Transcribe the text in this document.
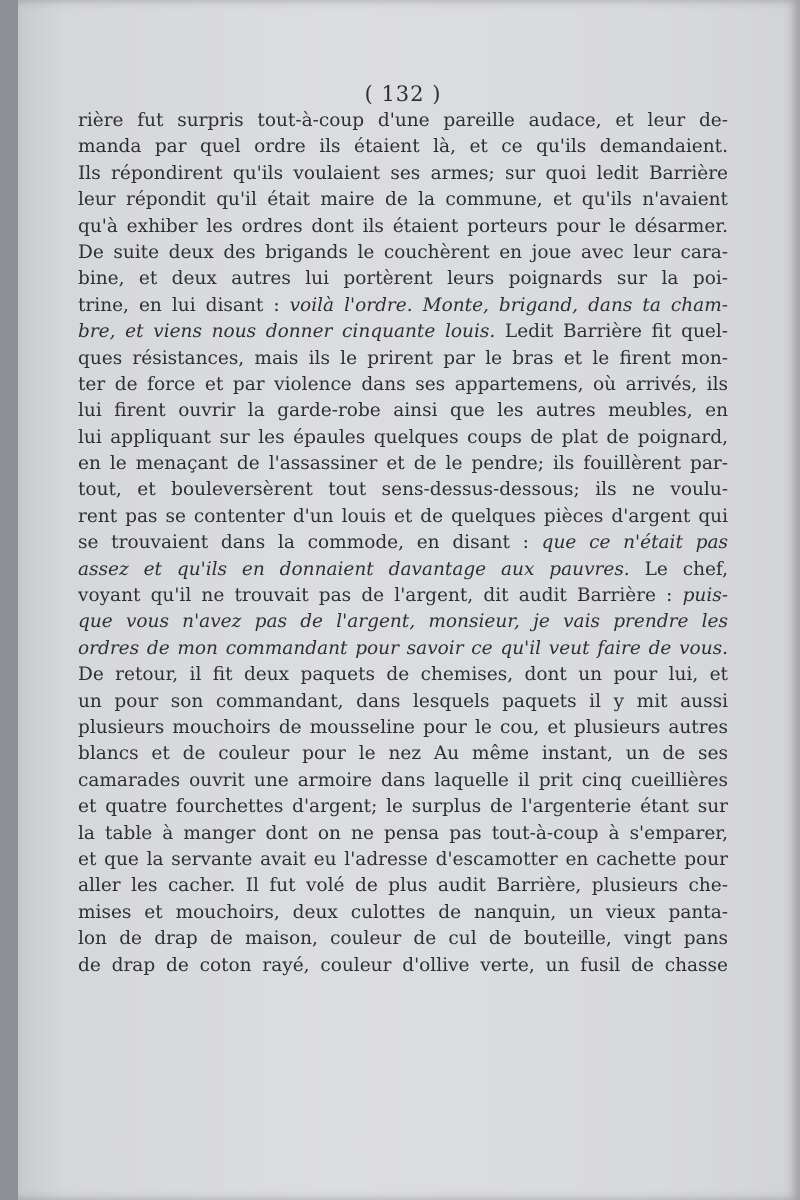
( 132 )
rière fut surpris tout-à-coup d'une pareille audace, et leur de-
manda par quel ordre ils étaient là, et ce qu'ils demandaient.
Ils répondirent qu'ils voulaient ses armes; sur quoi ledit Barrière
leur répondit qu'il était maire de la commune, et qu'ils n'avaient
qu'à exhiber les ordres dont ils étaient porteurs pour le désarmer.
De suite deux des brigands le couchèrent en joue avec leur cara-
bine, et deux autres lui portèrent leurs poignards sur la poi-
trine, en lui disant : voilà l'ordre. Monte, brigand, dans ta cham-
bre, et viens nous donner cinquante louis. Ledit Barrière fit quel-
ques résistances, mais ils le prirent par le bras et le firent mon-
ter de force et par violence dans ses appartemens, où arrivés, ils
lui firent ouvrir la garde-robe ainsi que les autres meubles, en
lui appliquant sur les épaules quelques coups de plat de poignard,
en le menaçant de l'assassiner et de le pendre; ils fouillèrent par-
tout, et bouleversèrent tout sens-dessus-dessous; ils ne voulu-
rent pas se contenter d'un louis et de quelques pièces d'argent qui
se trouvaient dans la commode, en disant : que ce n'était pas
assez et qu'ils en donnaient davantage aux pauvres. Le chef,
voyant qu'il ne trouvait pas de l'argent, dit audit Barrière : puis-
que vous n'avez pas de l'argent, monsieur, je vais prendre les
ordres de mon commandant pour savoir ce qu'il veut faire de vous.
De retour, il fit deux paquets de chemises, dont un pour lui, et
un pour son commandant, dans lesquels paquets il y mit aussi
plusieurs mouchoirs de mousseline pour le cou, et plusieurs autres
blancs et de couleur pour le nez Au même instant, un de ses
camarades ouvrit une armoire dans laquelle il prit cinq cueillières
et quatre fourchettes d'argent; le surplus de l'argenterie étant sur
la table à manger dont on ne pensa pas tout-à-coup à s'emparer,
et que la servante avait eu l'adresse d'escamotter en cachette pour
aller les cacher. Il fut volé de plus audit Barrière, plusieurs che-
mises et mouchoirs, deux culottes de nanquin, un vieux panta-
lon de drap de maison, couleur de cul de bouteille, vingt pans
de drap de coton rayé, couleur d'ollive verte, un fusil de chasse
